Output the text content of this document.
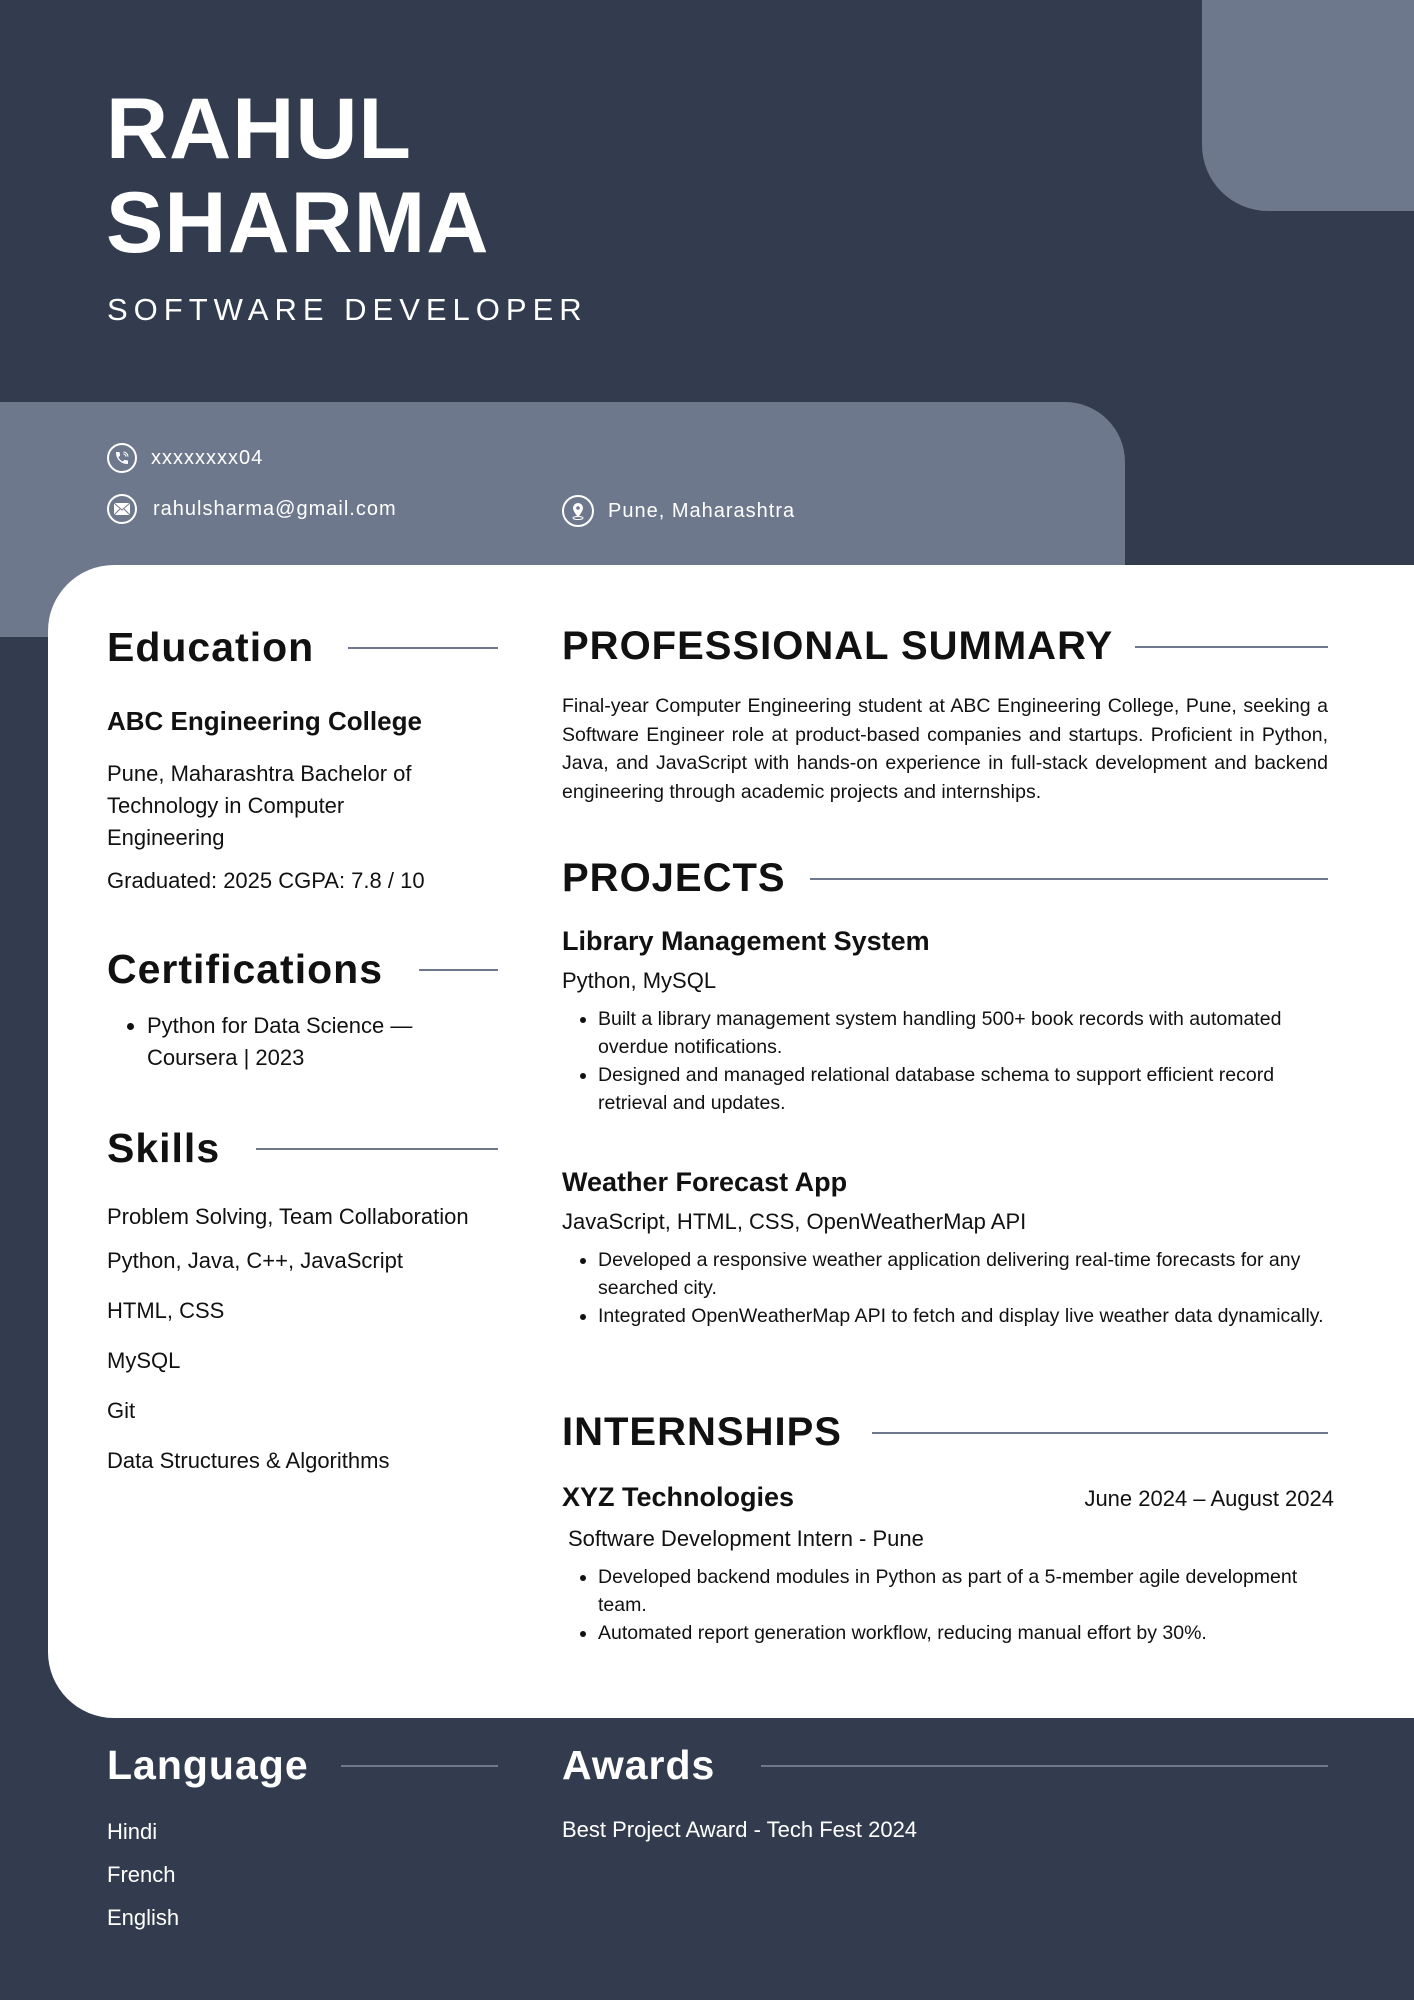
RAHUL
SHARMA
SOFTWARE DEVELOPER
xxxxxxxx04
rahulsharma@gmail.com	Pune, Maharashtra
Education
ABC Engineering College
Pune, Maharashtra Bachelor of Technology in Computer Engineering
Graduated: 2025 CGPA: 7.8 / 10
Certifications
• Python for Data Science — Coursera | 2023
Skills
Problem Solving, Team Collaboration
Python, Java, C++, JavaScript
HTML, CSS
MySQL
Git
Data Structures & Algorithms
PROFESSIONAL SUMMARY

Final-year Computer Engineering student at ABC Engineering College, Pune, seeking a Software Engineer role at product-based companies and startups. Proficient in Python, Java, and JavaScript with hands-on experience in full-stack development and backend engineering through academic projects and internships.

PROJECTS
Library Management System
Python, MySQL
• Built a library management system handling 500+ book records with automated overdue notifications.
• Designed and managed relational database schema to support efficient record retrieval and updates.
Weather Forecast App
JavaScript, HTML, CSS, OpenWeatherMap API
• Developed a responsive weather application delivering real-time forecasts for any searched city.
• Integrated OpenWeatherMap API to fetch and display live weather data dynamically.
INTERNSHIPS
XYZ Technologies	June 2024 – August 2024
Software Development Intern - Pune
• Developed backend modules in Python as part of a 5-member agile development team.
• Automated report generation workflow, reducing manual effort by 30%.
Language
Hindi
French
English
Awards
Best Project Award - Tech Fest 2024
